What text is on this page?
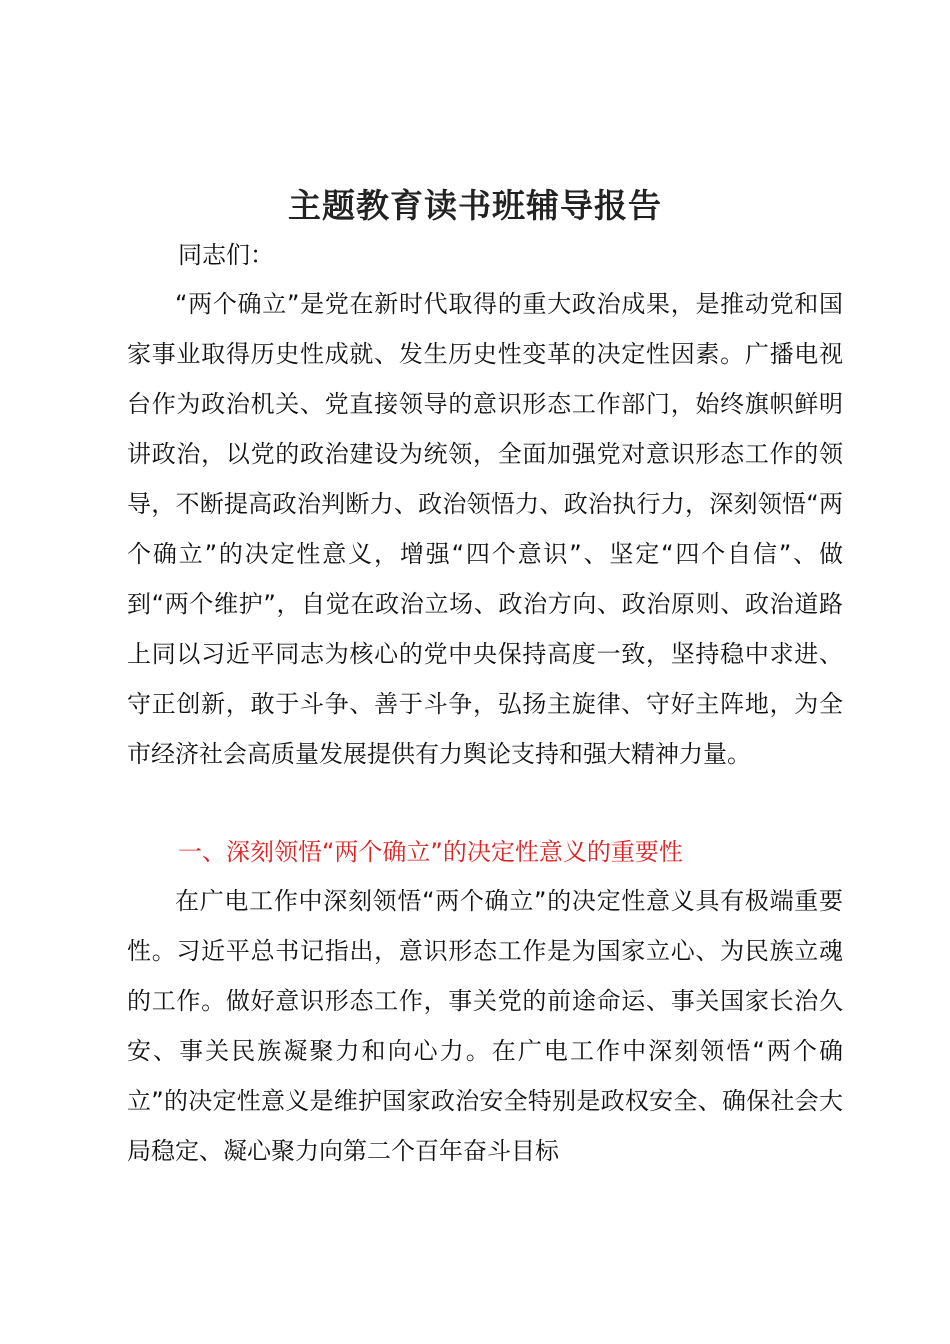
主题教育读书班辅导报告
同志们：
“两个确立”是党在新时代取得的重大政治成果，是推动党和国家事业取得历史性成就、发生历史性变革的决定性因素。广播电视台作为政治机关、党直接领导的意识形态工作部门，始终旗帜鲜明讲政治，以党的政治建设为统领，全面加强党对意识形态工作的领导，不断提高政治判断力、政治领悟力、政治执行力，深刻领悟“两个确立”的决定性意义，增强“四个意识”、坚定“四个自信”、做到“两个维护”，自觉在政治立场、政治方向、政治原则、政治道路上同以习近平同志为核心的党中央保持高度一致，坚持稳中求进、守正创新，敢于斗争、善于斗争，弘扬主旋律、守好主阵地，为全市经济社会高质量发展提供有力舆论支持和强大精神力量。
一、深刻领悟“两个确立”的决定性意义的重要性
在广电工作中深刻领悟“两个确立”的决定性意义具有极端重要性。习近平总书记指出，意识形态工作是为国家立心、为民族立魂的工作。做好意识形态工作，事关党的前途命运、事关国家长治久安、事关民族凝聚力和向心力。在广电工作中深刻领悟“两个确立”的决定性意义是维护国家政治安全特别是政权安全、确保社会大局稳定、凝心聚力向第二个百年奋斗目标
